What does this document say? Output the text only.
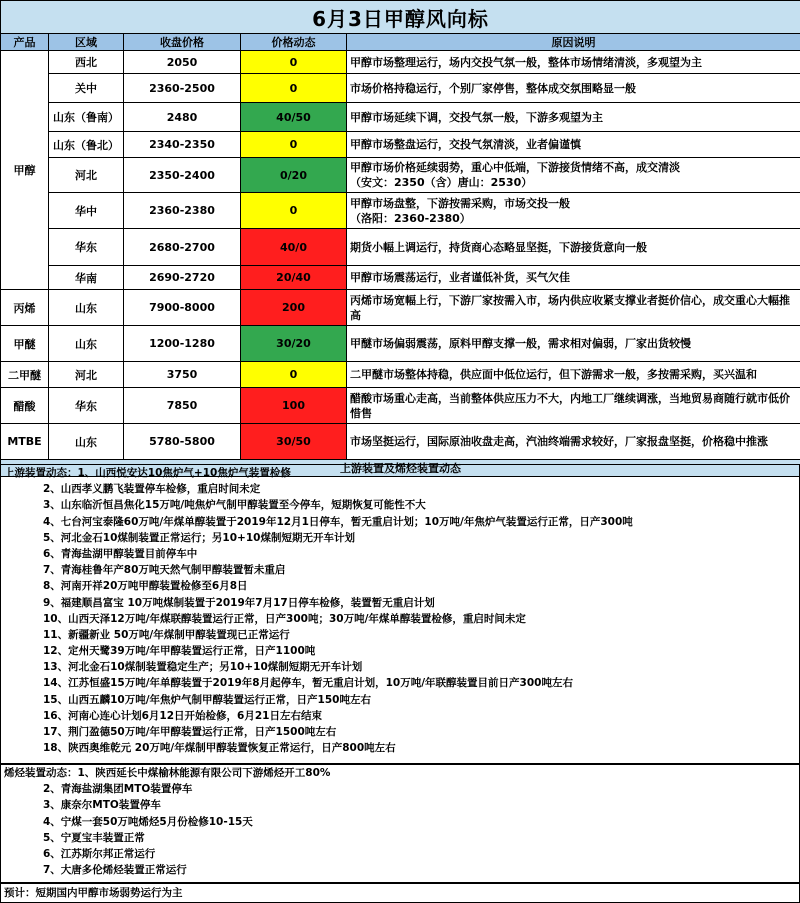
6月3日甲醇风向标				
产品	区域	收盘价格	价格动态	原因说明
甲醇	西北	2050	0	甲醇市场整理运行，场内交投气氛一般，整体市场情绪清淡，多观望为主
	关中	2360-2500	0	市场价格持稳运行，个别厂家停售，整体成交氛围略显一般
	山东（鲁南）	2480	40/50	甲醇市场延续下调，交投气氛一般，下游多观望为主
	山东（鲁北）	2340-2350	0	甲醇市场整盘运行，交投气氛清淡，业者偏谨慎
	河北	2350-2400	0/20	甲醇市场价格延续弱势，重心中低端，下游接货情绪不高，成交清淡
（安文：2350（含）唐山：2530）

	华中	2360-2380	0	甲醇市场盘整，下游按需采购，市场交投一般
（洛阳：2360-2380）

	华东	2680-2700	40/0	期货小幅上调运行，持货商心态略显坚挺，下游接货意向一般
	华南	2690-2720	20/40	甲醇市场震荡运行，业者谨低补货，买气欠佳
丙烯	山东	7900-8000	200	丙烯市场宽幅上行，下游厂家按需入市，场内供应收紧支撑业者挺价信心，成交重心大幅推高
甲醚	山东	1200-1280	30/20	甲醚市场偏弱震荡，原料甲醇支撑一般，需求相对偏弱，厂家出货较慢
二甲醚	河北	3750	0	二甲醚市场整体持稳，供应面中低位运行，但下游需求一般，多按需采购，买兴温和
醋酸	华东	7850	100	醋酸市场重心走高，当前整体供应压力不大，内地工厂继续调涨，当地贸易商随行就市低价惜售
MTBE	山东	5780-5800	30/50	市场坚挺运行，国际原油收盘走高，汽油终端需求较好，厂家报盘坚挺，价格稳中推涨
上游装置及烯烃装置动态				
上游装置动态：1、山西悦安达10焦炉气+10焦炉气装置检修
2、山西孝义鹏飞装置停车检修，重启时间未定
3、山东临沂恒昌焦化15万吨/吨焦炉气制甲醇装置至今停车，短期恢复可能性不大
4、七台河宝泰隆60万吨/年煤单醇装置于2019年12月1日停车，暂无重启计划；10万吨/年焦炉气装置运行正常，日产300吨
5、河北金石10煤制装置正常运行；另10+10煤制短期无开车计划
6、青海盐湖甲醇装置目前停车中
7、青海桂鲁年产80万吨天然气制甲醇装置暂未重启
8、河南开祥20万吨甲醇装置检修至6月8日
9、福建顺昌富宝 10万吨煤制装置于2019年7月17日停车检修，装置暂无重启计划
10、山西天泽12万吨/年煤联醇装置运行正常，日产300吨；30万吨/年煤单醇装置检修，重启时间未定
11、新疆新业 50万吨/年煤制甲醇装置现已正常运行
12、定州天鹭39万吨/年甲醇装置运行正常，日产1100吨
13、河北金石10煤制装置稳定生产；另10+10煤制短期无开车计划
14、江苏恒盛15万吨/年单醇装置于2019年8月起停车，暂无重启计划，10万吨/年联醇装置目前日产300吨左右
15、山西五麟10万吨/年焦炉气制甲醇装置运行正常，日产150吨左右
16、河南心连心计划6月12日开始检修，6月21日左右结束
17、荆门盈德50万吨/年甲醇装置运行正常，日产1500吨左右
18、陕西奥维乾元 20万吨/年煤制甲醇装置恢复正常运行，日产800吨左右
烯烃装置动态：1、陕西延长中煤榆林能源有限公司下游烯烃开工80%
2、青海盐湖集团MTO装置停车
3、康奈尔MTO装置停车
4、宁煤一套50万吨烯烃5月份检修10-15天
5、宁夏宝丰装置正常
6、江苏斯尔邦正常运行
7、大唐多伦烯烃装置正常运行
预计：短期国内甲醇市场弱势运行为主
